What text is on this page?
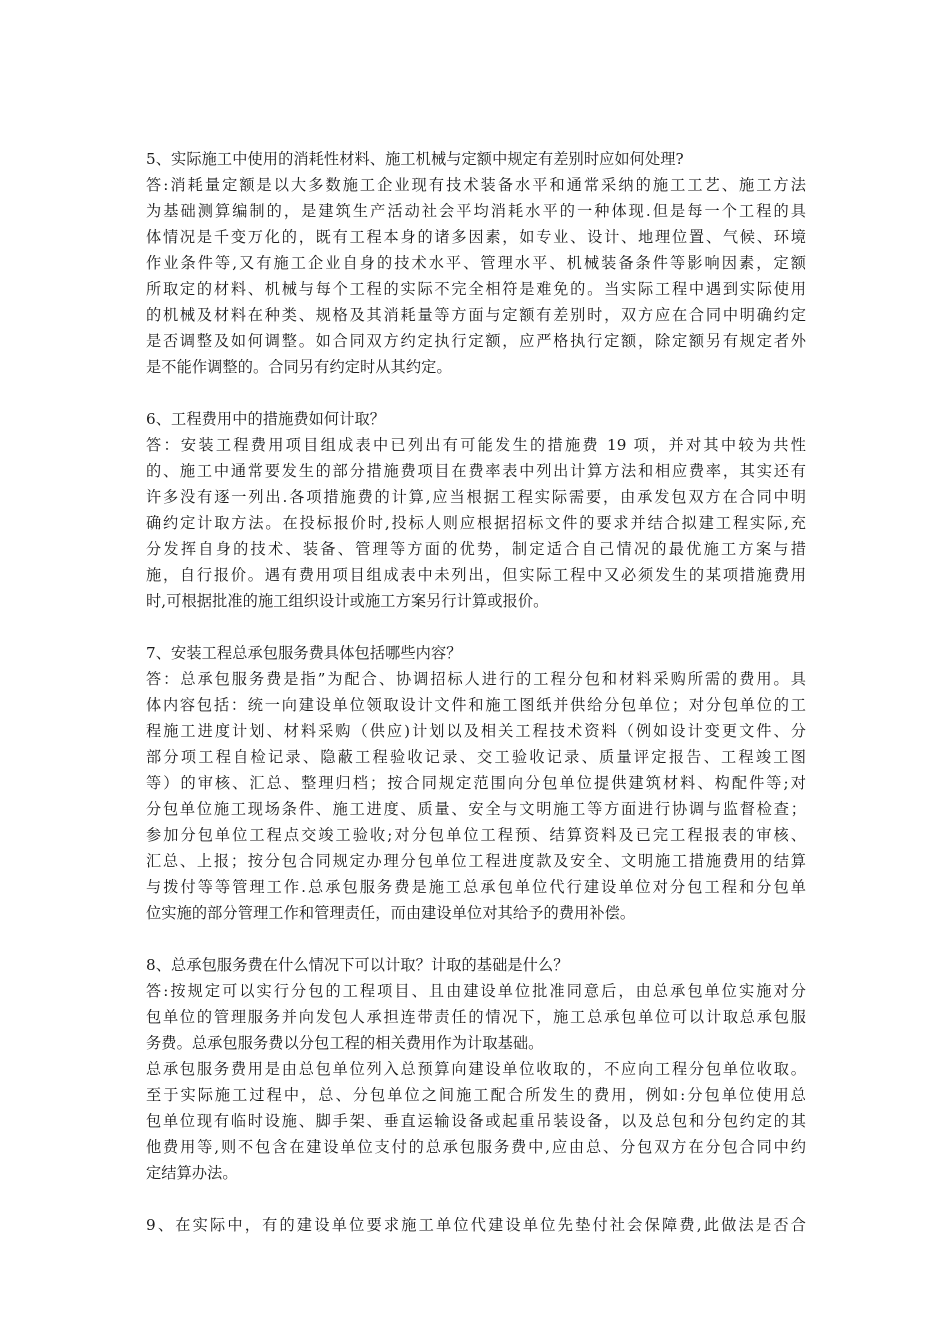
5、实际施工中使用的消耗性材料、施工机械与定额中规定有差别时应如何处理?
答:消耗量定额是以大多数施工企业现有技术装备水平和通常采纳的施工工艺、施工方法
为基础测算编制的，是建筑生产活动社会平均消耗水平的一种体现.但是每一个工程的具
体情况是千变万化的，既有工程本身的诸多因素，如专业、设计、地理位置、气候、环境
作业条件等,又有施工企业自身的技术水平、管理水平、机械装备条件等影响因素，定额
所取定的材料、机械与每个工程的实际不完全相符是难免的。当实际工程中遇到实际使用
的机械及材料在种类、规格及其消耗量等方面与定额有差别时，双方应在合同中明确约定
是否调整及如何调整。如合同双方约定执行定额，应严格执行定额，除定额另有规定者外
是不能作调整的。合同另有约定时从其约定。
6、工程费用中的措施费如何计取？
答：安装工程费用项目组成表中已列出有可能发生的措施费 19 项，并对其中较为共性
的、施工中通常要发生的部分措施费项目在费率表中列出计算方法和相应费率，其实还有
许多没有逐一列出.各项措施费的计算,应当根据工程实际需要，由承发包双方在合同中明
确约定计取方法。在投标报价时,投标人则应根据招标文件的要求并结合拟建工程实际,充
分发挥自身的技术、装备、管理等方面的优势，制定适合自己情况的最优施工方案与措
施，自行报价。遇有费用项目组成表中未列出，但实际工程中又必须发生的某项措施费用
时,可根据批准的施工组织设计或施工方案另行计算或报价。
7、安装工程总承包服务费具体包括哪些内容？
答：总承包服务费是指”为配合、协调招标人进行的工程分包和材料采购所需的费用。具
体内容包括：统一向建设单位领取设计文件和施工图纸并供给分包单位；对分包单位的工
程施工进度计划、材料采购（供应)计划以及相关工程技术资料（例如设计变更文件、分
部分项工程自检记录、隐蔽工程验收记录、交工验收记录、质量评定报告、工程竣工图
等）的审核、汇总、整理归档；按合同规定范围向分包单位提供建筑材料、构配件等;对
分包单位施工现场条件、施工进度、质量、安全与文明施工等方面进行协调与监督检查；
参加分包单位工程点交竣工验收;对分包单位工程预、结算资料及已完工程报表的审核、
汇总、上报；按分包合同规定办理分包单位工程进度款及安全、文明施工措施费用的结算
与拨付等等管理工作.总承包服务费是施工总承包单位代行建设单位对分包工程和分包单
位实施的部分管理工作和管理责任，而由建设单位对其给予的费用补偿。
8、总承包服务费在什么情况下可以计取？计取的基础是什么？
答:按规定可以实行分包的工程项目、且由建设单位批准同意后，由总承包单位实施对分
包单位的管理服务并向发包人承担连带责任的情况下，施工总承包单位可以计取总承包服
务费。总承包服务费以分包工程的相关费用作为计取基础。
总承包服务费用是由总包单位列入总预算向建设单位收取的，不应向工程分包单位收取。
至于实际施工过程中，总、分包单位之间施工配合所发生的费用，例如:分包单位使用总
包单位现有临时设施、脚手架、垂直运输设备或起重吊装设备，以及总包和分包约定的其
他费用等,则不包含在建设单位支付的总承包服务费中,应由总、分包双方在分包合同中约
定结算办法。
9、在实际中，有的建设单位要求施工单位代建设单位先垫付社会保障费,此做法是否合
